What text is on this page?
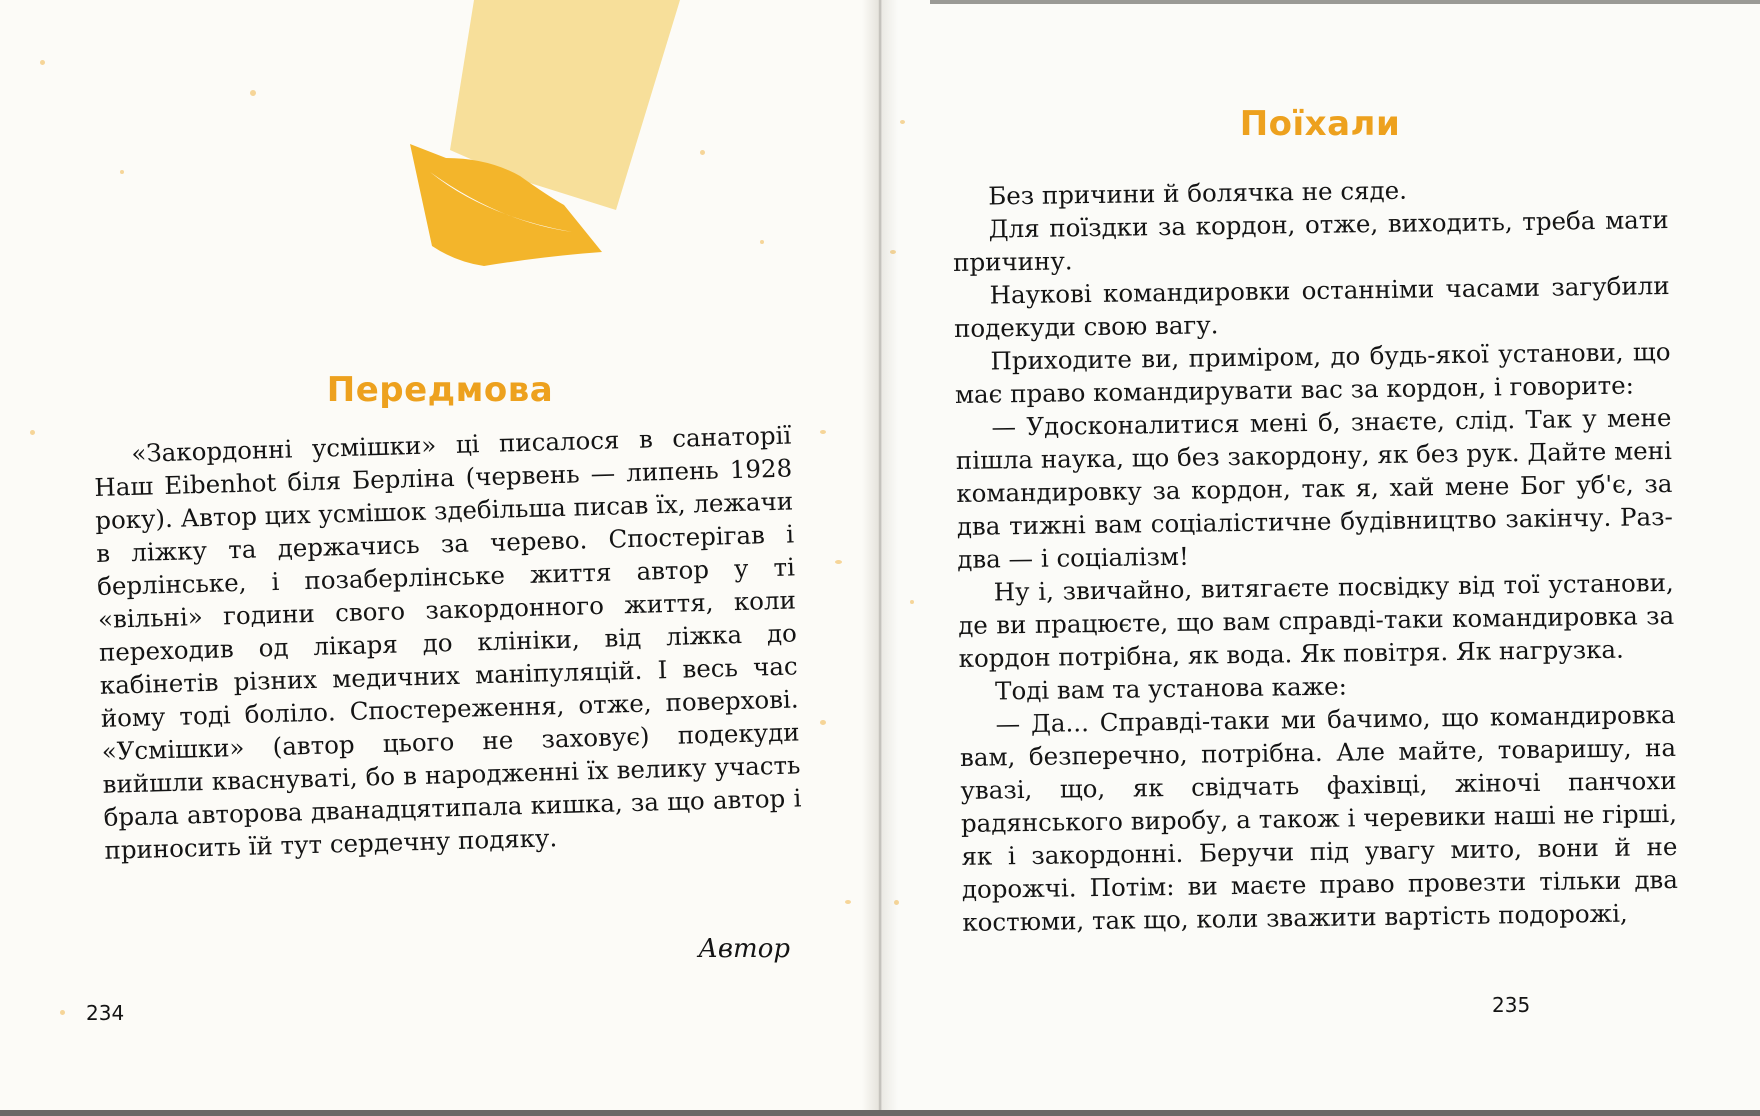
Передмова

«Закордонні усмішки» ці писалося в санаторії Наш Eibenhot біля Берліна (червень — липень 1928 року). Автор цих усмішок здебільша писав їх, лежачи в ліжку та держачись за черево. Спостерігав і берлінське, і позаберлінське життя автор у ті «вільні» години свого закордонного життя, коли переходив од лікаря до клініки, від ліжка до кабінетів різних медичних маніпуляцій. І весь час йому тоді боліло. Спостереження, отже, поверхові. «Усмішки» (автор цього не заховує) подекуди вийшли кваснуваті, бо в народженні їх велику участь брала авторова дванадцятипала кишка, за що автор і приносить їй тут сердечну подяку.

Автор
234
Поїхали

Без причини й болячка не сяде.

Для поїздки за кордон, отже, виходить, треба мати причину.

Наукові командировки останніми часами загубили подекуди свою вагу.

Приходите ви, приміром, до будь-якої установи, що має право командирувати вас за кордон, і говорите:

— Удосконалитися мені б, знаєте, слід. Так у мене пішла наука, що без закордону, як без рук. Дайте мені командировку за кордон, так я, хай мене Бог уб'є, за два тижні вам соціалістичне будівництво закінчу. Раз-два — і соціалізм!

Ну і, звичайно, витягаєте посвідку від тої установи, де ви працюєте, що вам справді-таки командировка за кордон потрібна, як вода. Як повітря. Як нагрузка.

Тоді вам та установа каже:

— Да... Справді-таки ми бачимо, що командировка вам, безперечно, потрібна. Але майте, товаришу, на увазі, що, як свідчать фахівці, жіночі панчохи радянського виробу, а також і черевики наші не гірші, як і закордонні. Беручи під увагу мито, вони й не дорожчі. Потім: ви маєте право провезти тільки два костюми, так що, коли зважити вартість подорожі,

235
